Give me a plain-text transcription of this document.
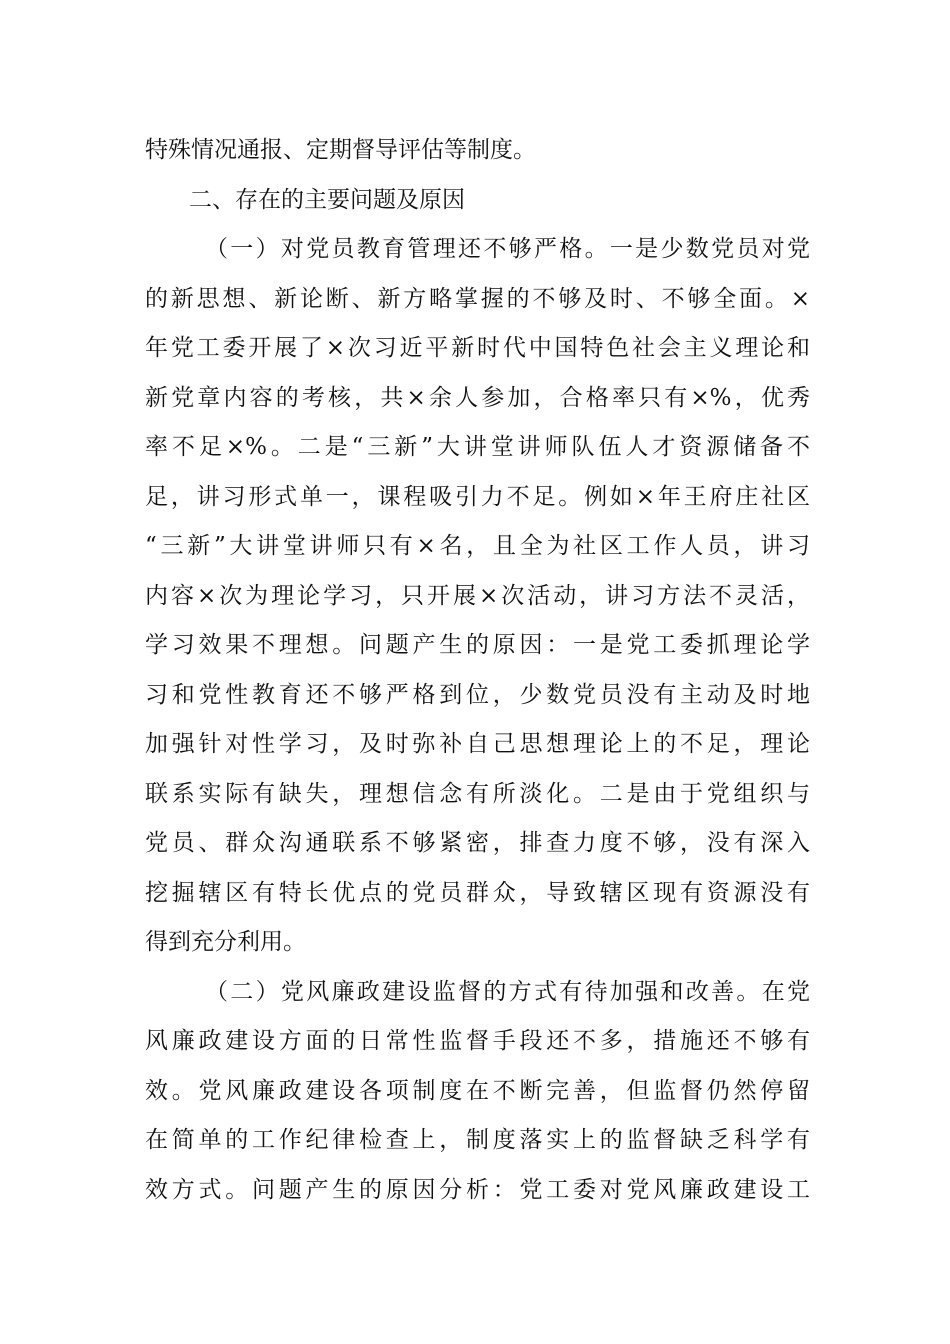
特殊情况通报、定期督导评估等制度。
二、存在的主要问题及原因
（一）对党员教育管理还不够严格。一是少数党员对党
的新思想、新论断、新方略掌握的不够及时、不够全面。×
年党工委开展了×次习近平新时代中国特色社会主义理论和
新党章内容的考核，共×余人参加，合格率只有×%，优秀
率不足×%。二是“三新”大讲堂讲师队伍人才资源储备不
足，讲习形式单一，课程吸引力不足。例如×年王府庄社区
“三新”大讲堂讲师只有×名，且全为社区工作人员，讲习
内容×次为理论学习，只开展×次活动，讲习方法不灵活，
学习效果不理想。问题产生的原因：一是党工委抓理论学
习和党性教育还不够严格到位，少数党员没有主动及时地
加强针对性学习，及时弥补自己思想理论上的不足，理论
联系实际有缺失，理想信念有所淡化。二是由于党组织与
党员、群众沟通联系不够紧密，排查力度不够，没有深入
挖掘辖区有特长优点的党员群众，导致辖区现有资源没有
得到充分利用。
（二）党风廉政建设监督的方式有待加强和改善。在党
风廉政建设方面的日常性监督手段还不多，措施还不够有
效。党风廉政建设各项制度在不断完善，但监督仍然停留
在简单的工作纪律检查上，制度落实上的监督缺乏科学有
效方式。问题产生的原因分析：党工委对党风廉政建设工
